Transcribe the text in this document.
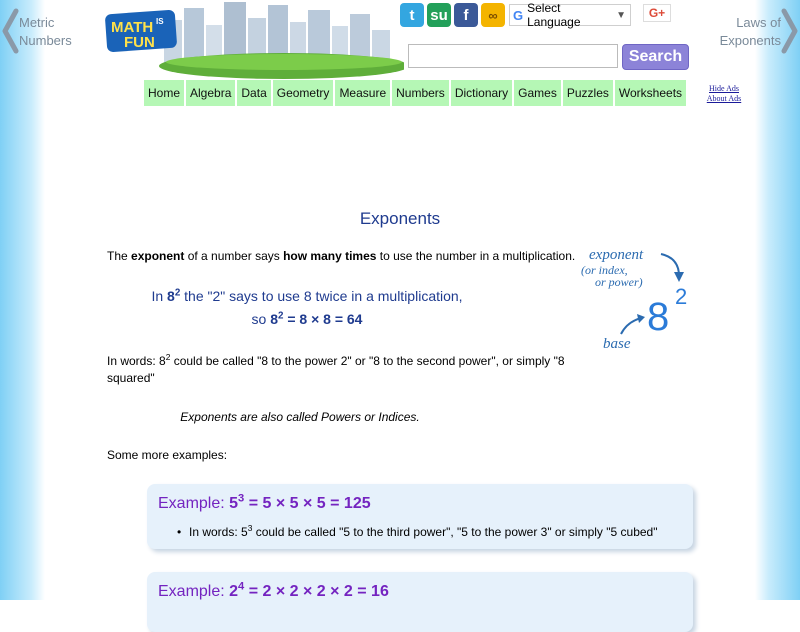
Metric
Numbers
Laws of
Exponents
MATH IS
FUN
t	su	f	∞	G Select Language	▼	G+
Search
Home Algebra Data Geometry Measure Numbers Dictionary Games Puzzles Worksheets	Hide Ads
About Ads
Exponents
The exponent of a number says how many times to use the number in a multiplication.
In $8^2$ the "2" says to use 8 twice in a multiplication,
so $8^2 = 8 \times 8 = 64$
exponent
(or index,
or power)
8 2
base
In words: $8^2$ could be called "8 to the power 2" or "8 to the second power", or simply "8
squared"
Exponents are also called Powers or Indices.
Some more examples:
Example: $5^3 = 5 \times 5 \times 5 = 125$
• In words: $5^3$ could be called "5 to the third power", "5 to the power 3" or simply "5 cubed"
Example: $2^4 = 2 \times 2 \times 2 \times 2 = 16$
